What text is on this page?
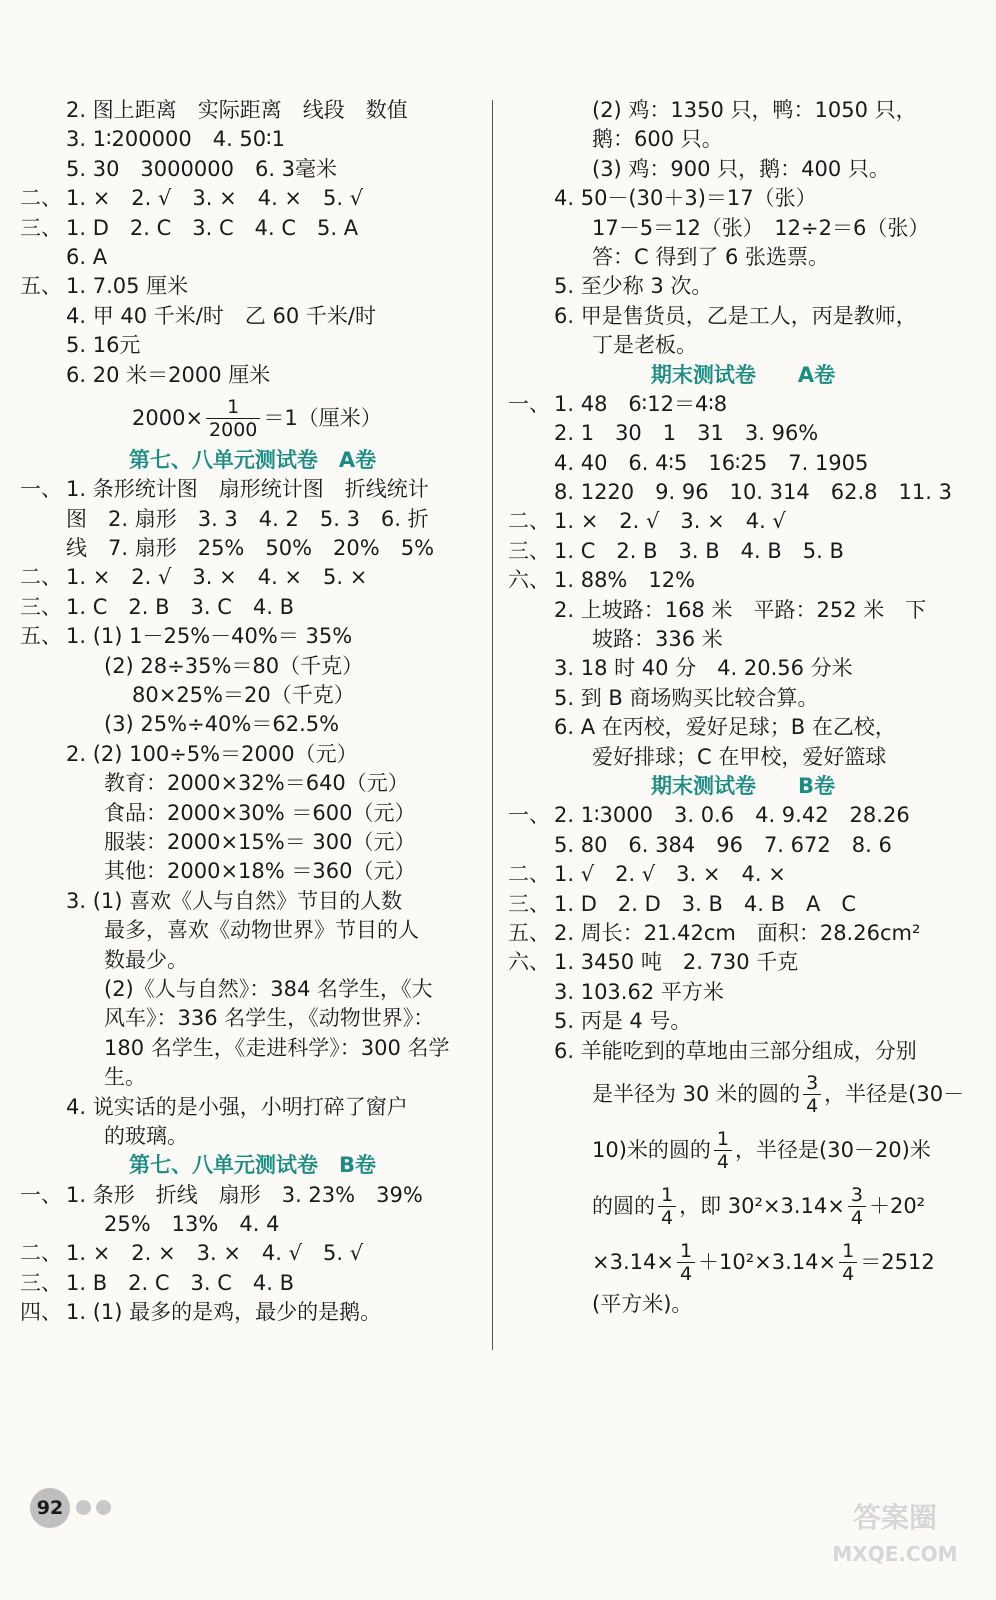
2. 图上距离　实际距离　线段　数值
3. 1∶200000　4. 50∶1
5. 30　3000000　6. 3毫米
二、 1. ×　2. √　3. ×　4. ×　5. √
三、 1. D　2. C　3. C　4. C　5. A
6. A
五、 1. 7.05 厘米
4. 甲 40 千米/时　乙 60 千米/时
5. 16元
6. 20 米＝2000 厘米
$2000\times \frac{1}{2000} =1$（厘米）
第七、八单元测试卷　A卷
一、 1. 条形统计图　扇形统计图　折线统计
图　2. 扇形　3. 3　4. 2　5. 3　6. 折
线　7. 扇形　25%　50%　20%　5%
二、 1. ×　2. √　3. ×　4. ×　5. ×
三、 1. C　2. B　3. C　4. B
五、 1. (1) 1－25%－40%＝ 35%
(2) 28÷35%＝80（千克）
80×25%＝20（千克）
(3) 25%÷40%＝62.5%
2. (2) 100÷5%＝2000（元）
教育：2000×32%＝640（元）
食品：2000×30% ＝600（元）
服装：2000×15%＝ 300（元）
其他：2000×18% ＝360（元）
3. (1) 喜欢《人与自然》节目的人数
最多，喜欢《动物世界》节目的人
数最少。
(2)《人与自然》：384 名学生，《大
风车》：336 名学生，《动物世界》：
180 名学生，《走进科学》：300 名学
生。
4. 说实话的是小强，小明打碎了窗户
的玻璃。
第七、八单元测试卷　B卷
一、 1. 条形　折线　扇形　3. 23%　39%
25%　13%　4. 4
二、 1. ×　2. ×　3. ×　4. √　5. √
三、 1. B　2. C　3. C　4. B
四、 1. (1) 最多的是鸡，最少的是鹅。
(2) 鸡：1350 只，鸭：1050 只，
鹅：600 只。
(3) 鸡：900 只，鹅：400 只。
4. 50－(30＋3)＝17（张）
17－5＝12（张）　12÷2＝6（张）
答：C 得到了 6 张选票。
5. 至少称 3 次。
6. 甲是售货员，乙是工人，丙是教师，
丁是老板。
期末测试卷　　A卷
一、 1. 48　6∶12＝4∶8
2. 1　30　1　31　3. 96%
4. 40　6. 4∶5　16∶25　7. 1905
8. 1220　9. 96　10. 314　62.8　11. 3
二、 1. ×　2. √　3. ×　4. √
三、 1. C　2. B　3. B　4. B　5. B
六、 1. 88%　12%
2. 上坡路：168 米　平路：252 米　下
坡路：336 米
3. 18 时 40 分　4. 20.56 分米
5. 到 B 商场购买比较合算。
6. A 在丙校，爱好足球；B 在乙校，
爱好排球；C 在甲校，爱好篮球
期末测试卷　　B卷
一、 2. 1∶3000　3. 0.6　4. 9.42　28.26
5. 80　6. 384　96　7. 672　8. 6
二、 1. √　2. √　3. ×　4. ×
三、 1. D　2. D　3. B　4. B　A　C
五、 2. 周长：21.42cm　面积：28.26cm²
六、 1. 3450 吨　2. 730 千克
3. 103.62 平方米
5. 丙是 4 号。
6. 羊能吃到的草地由三部分组成，分别
是半径为 30 米的圆的 $\frac{3}{4}$ ，半径是(30－
10)米的圆的 $\frac{1}{4}$ ，半径是(30－20)米
的圆的 $\frac{1}{4}$ ，即 $30^2\times 3.14\times \frac{3}{4} +20^2$
$\times 3.14\times \frac{1}{4} +10^2\times 3.14\times \frac{1}{4} =2512$
(平方米)。
92	答案圈
MXQE.COM
